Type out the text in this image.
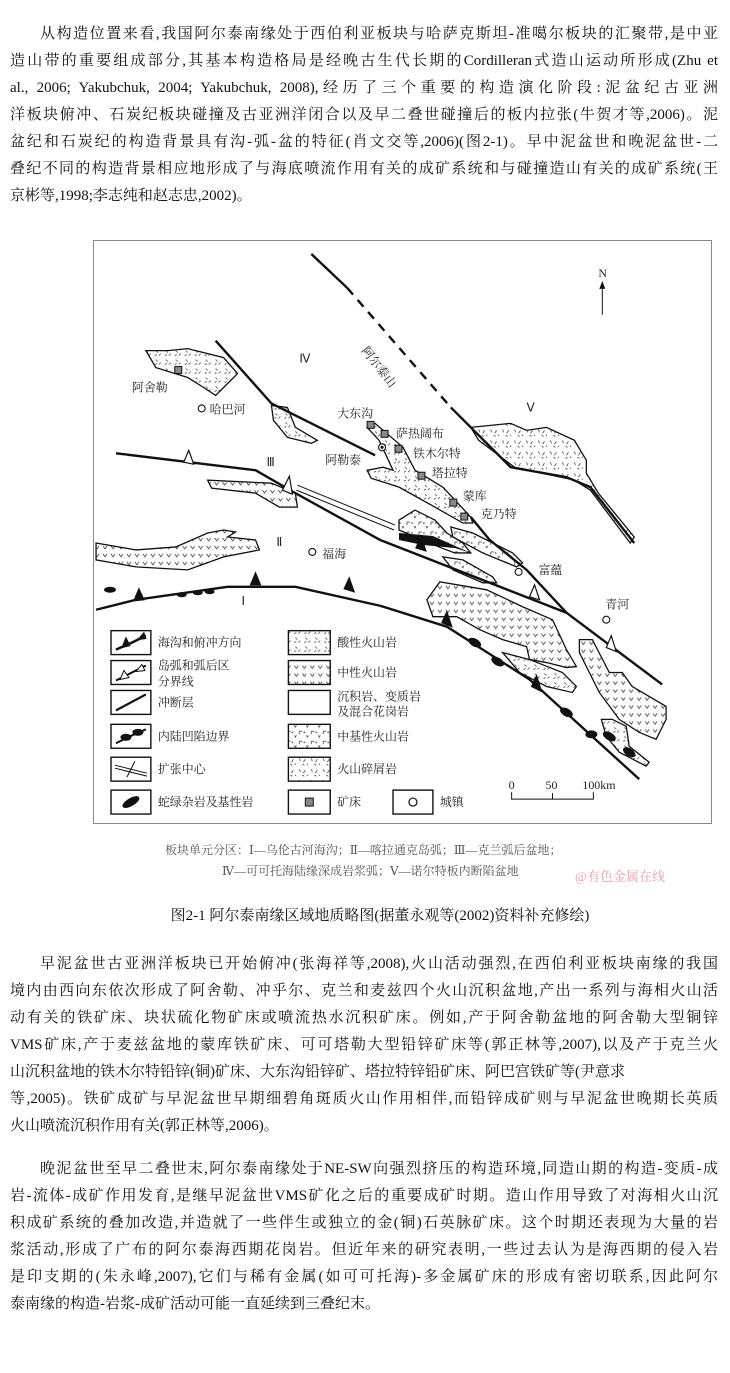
从构造位置来看,我国阿尔泰南缘处于西伯利亚板块与哈萨克斯坦-准噶尔板块的汇聚带,是中亚
造山带的重要组成部分,其基本构造格局是经晚古生代长期的Cordilleran式造山运动所形成(Zhu et
al., 2006; Yakubchuk, 2004; Yakubchuk, 2008),经历了三个重要的构造演化阶段:泥盆纪古亚洲
洋板块俯冲、石炭纪板块碰撞及古亚洲洋闭合以及早二叠世碰撞后的板内拉张(牛贺才等,2006)。泥
盆纪和石炭纪的构造背景具有沟-弧-盆的特征(肖文交等,2006)(图2-1)。早中泥盆世和晚泥盆世-二
叠纪不同的构造背景相应地形成了与海底喷流作用有关的成矿系统和与碰撞造山有关的成矿系统(王
京彬等,1998;李志纯和赵志忠,2002)。
N
阿尔泰山
Ⅰ
Ⅱ
Ⅲ
Ⅳ
Ⅴ
阿舍勒
哈巴河	大东沟
萨热阔布
铁木尔特
阿勒泰
塔拉特
蒙库
克乃特
福海
富蕴
青河
海沟和俯冲方向
岛弧和弧后区
分界线
冲断层
内陆凹陷边界
扩张中心
蛇绿杂岩及基性岩
酸性火山岩
中性火山岩
沉积岩、变质岩
及混合花岗岩
中基性火山岩
火山碎屑岩
矿床	城镇
0	50 100km
板块单元分区：Ⅰ—乌伦古河海沟；Ⅱ—喀拉通克岛弧；Ⅲ—克兰弧后盆地；
Ⅳ—可可托海陆缘深成岩浆弧；Ⅴ—诺尔特板内断陷盆地	@有色金属在线
图2-1 阿尔泰南缘区域地质略图(据董永观等(2002)资料补充修绘)
早泥盆世古亚洲洋板块已开始俯冲(张海祥等,2008),火山活动强烈,在西伯利亚板块南缘的我国
境内由西向东依次形成了阿舍勒、冲乎尔、克兰和麦兹四个火山沉积盆地,产出一系列与海相火山活
动有关的铁矿床、块状硫化物矿床或喷流热水沉积矿床。例如,产于阿舍勒盆地的阿舍勒大型铜锌
VMS矿床,产于麦兹盆地的蒙库铁矿床、可可塔勒大型铅锌矿床等(郭正林等,2007),以及产于克兰火
山沉积盆地的铁木尔特铅锌(铜)矿床、大东沟铅锌矿、塔拉特锌铅矿床、阿巴宫铁矿等(尹意求
等,2005)。铁矿成矿与早泥盆世早期细碧角斑质火山作用相伴,而铅锌成矿则与早泥盆世晚期长英质
火山喷流沉积作用有关(郭正林等,2006)。
晚泥盆世至早二叠世末,阿尔泰南缘处于NE-SW向强烈挤压的构造环境,同造山期的构造-变质-成
岩-流体-成矿作用发育,是继早泥盆世VMS矿化之后的重要成矿时期。造山作用导致了对海相火山沉
积成矿系统的叠加改造,并造就了一些伴生或独立的金(铜)石英脉矿床。这个时期还表现为大量的岩
浆活动,形成了广布的阿尔泰海西期花岗岩。但近年来的研究表明,一些过去认为是海西期的侵入岩
是印支期的(朱永峰,2007),它们与稀有金属(如可可托海)-多金属矿床的形成有密切联系,因此阿尔
泰南缘的构造-岩浆-成矿活动可能一直延续到三叠纪末。
